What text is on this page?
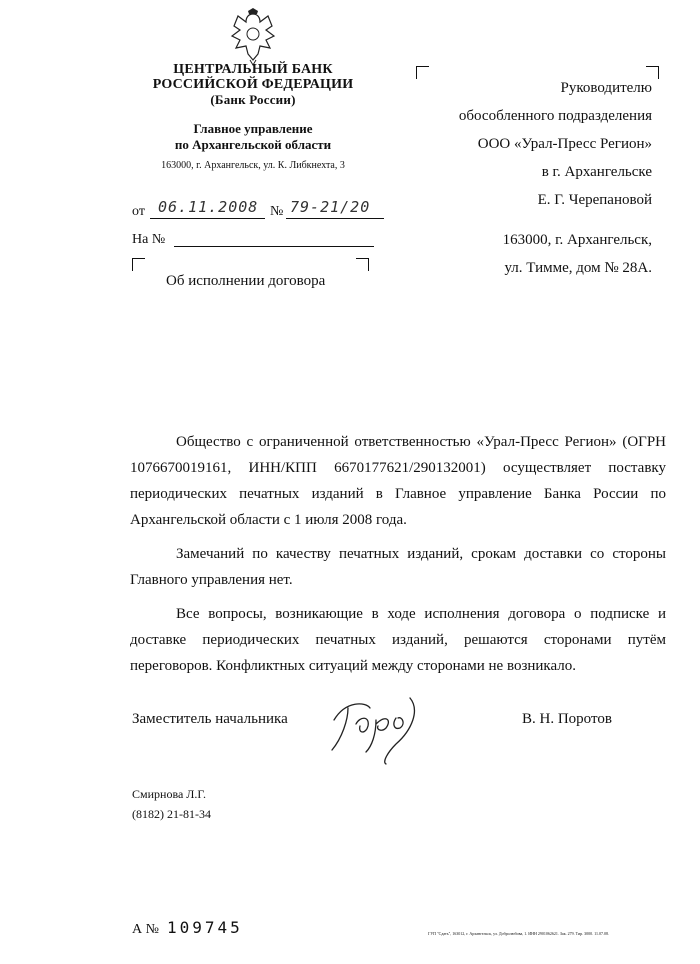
ЦЕНТРАЛЬНЫЙ БАНК
РОССИЙСКОЙ ФЕДЕРАЦИИ
(Банк России)
Главное управление
по Архангельской области
163000, г. Архангельск, ул. К. Либкнехта, 3
от 06.11.2008 № 79-21/20
На №
Руководителю
обособленного подразделения
ООО «Урал-Пресс Регион»
в г. Архангельске
Е. Г. Черепановой
163000, г. Архангельск,
ул. Тимме, дом № 28А.
Об исполнении договора

Общество с ограниченной ответственностью «Урал-Пресс Регион» (ОГРН 1076670019161, ИНН/КПП 6670177621/290132001) осуществляет поставку периодических печатных изданий в Главное управление Банка России по Архангельской области с 1 июля 2008 года.

Замечаний по качеству печатных изданий, срокам доставки со стороны Главного управления нет.

Все вопросы, возникающие в ходе исполнения договора о подписке и доставке периодических печатных изданий, решаются сторонами путём переговоров. Конфликтных ситуаций между сторонами не возникало.

Заместитель начальника	В. Н. Поротов
Смирнова Л.Г.
(8182) 21-81-34
А № 109745	ГУП "Сдать", 163012, г. Архангельск, ул. Добролюбова, 1. ИНН 2901062621. Зак. 279. Тир. 3000. 11.07.08.
